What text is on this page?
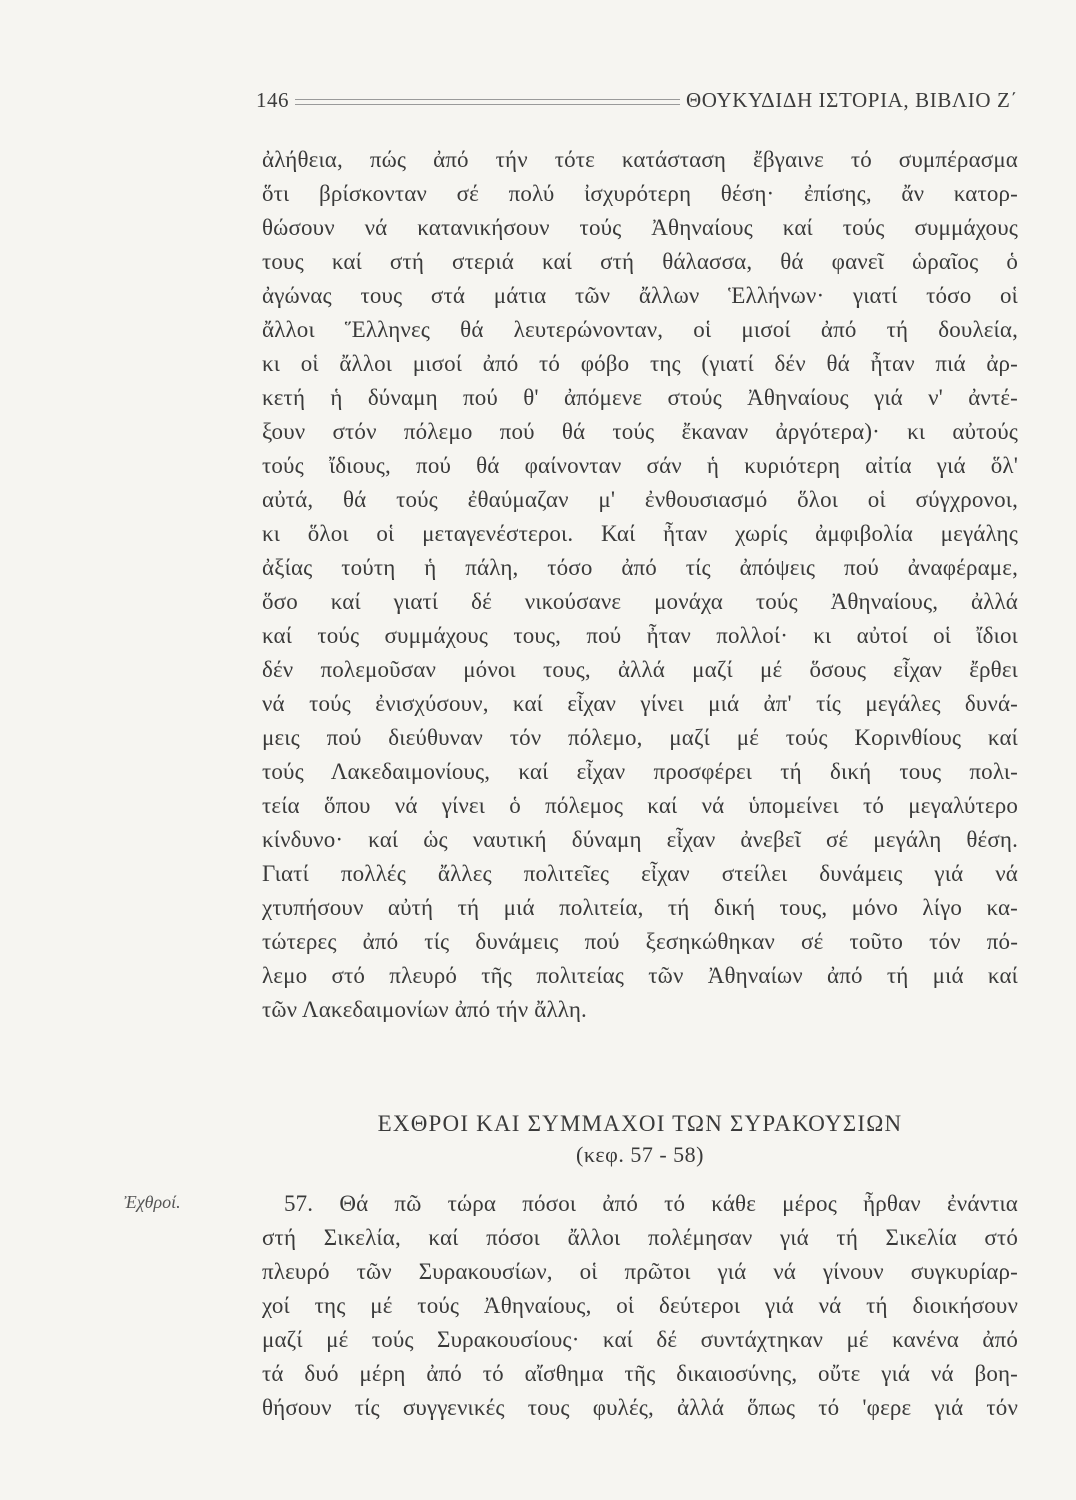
146	ΘΟΥΚΥΔΙΔΗ ΙΣΤΟΡΙΑ, ΒΙΒΛΙΟ Ζ΄
ἀλήθεια, πώς ἀπό τήν τότε κατάσταση ἔβγαινε τό συμπέρασμα
ὅτι βρίσκονταν σέ πολύ ἰσχυρότερη θέση· ἐπίσης, ἄν κατορ-
θώσουν νά κατανικήσουν τούς Ἀθηναίους καί τούς συμμάχους
τους καί στή στεριά καί στή θάλασσα, θά φανεῖ ὡραῖος ὁ
ἀγώνας τους στά μάτια τῶν ἄλλων Ἑλλήνων· γιατί τόσο οἱ
ἄλλοι Ἕλληνες θά λευτερώνονταν, οἱ μισοί ἀπό τή δουλεία,
κι οἱ ἄλλοι μισοί ἀπό τό φόβο της (γιατί δέν θά ἦταν πιά ἀρ-
κετή ἡ δύναμη πού θ' ἀπόμενε στούς Ἀθηναίους γιά ν' ἀντέ-
ξουν στόν πόλεμο πού θά τούς ἔκαναν ἀργότερα)· κι αὐτούς
τούς ἴδιους, πού θά φαίνονταν σάν ἡ κυριότερη αἰτία γιά ὅλ'
αὐτά, θά τούς ἐθαύμαζαν μ' ἐνθουσιασμό ὅλοι οἱ σύγχρονοι,
κι ὅλοι οἱ μεταγενέστεροι. Καί ἦταν χωρίς ἀμφιβολία μεγάλης
ἀξίας τούτη ἡ πάλη, τόσο ἀπό τίς ἀπόψεις πού ἀναφέραμε,
ὅσο καί γιατί δέ νικούσανε μονάχα τούς Ἀθηναίους, ἀλλά
καί τούς συμμάχους τους, πού ἦταν πολλοί· κι αὐτοί οἱ ἴδιοι
δέν πολεμοῦσαν μόνοι τους, ἀλλά μαζί μέ ὅσους εἶχαν ἔρθει
νά τούς ἐνισχύσουν, καί εἶχαν γίνει μιά ἀπ' τίς μεγάλες δυνά-
μεις πού διεύθυναν τόν πόλεμο, μαζί μέ τούς Κορινθίους καί
τούς Λακεδαιμονίους, καί εἶχαν προσφέρει τή δική τους πολι-
τεία ὅπου νά γίνει ὁ πόλεμος καί νά ὑπομείνει τό μεγαλύτερο
κίνδυνο· καί ὡς ναυτική δύναμη εἶχαν ἀνεβεῖ σέ μεγάλη θέση.
Γιατί πολλές ἄλλες πολιτεῖες εἶχαν στείλει δυνάμεις γιά νά
χτυπήσουν αὐτή τή μιά πολιτεία, τή δική τους, μόνο λίγο κα-
τώτερες ἀπό τίς δυνάμεις πού ξεσηκώθηκαν σέ τοῦτο τόν πό-
λεμο στό πλευρό τῆς πολιτείας τῶν Ἀθηναίων ἀπό τή μιά καί
τῶν Λακεδαιμονίων ἀπό τήν ἄλλη.
ΕΧΘΡΟΙ ΚΑΙ ΣΥΜΜΑΧΟΙ ΤΩΝ ΣΥΡΑΚΟΥΣΙΩΝ
(κεφ. 57 - 58)
Ἐχθροί.	57. Θά πῶ τώρα πόσοι ἀπό τό κάθε μέρος ἦρθαν ἐνάντια
στή Σικελία, καί πόσοι ἄλλοι πολέμησαν γιά τή Σικελία στό
πλευρό τῶν Συρακουσίων, οἱ πρῶτοι γιά νά γίνουν συγκυρίαρ-
χοί της μέ τούς Ἀθηναίους, οἱ δεύτεροι γιά νά τή διοικήσουν
μαζί μέ τούς Συρακουσίους· καί δέ συντάχτηκαν μέ κανένα ἀπό
τά δυό μέρη ἀπό τό αἴσθημα τῆς δικαιοσύνης, οὔτε γιά νά βοη-
θήσουν τίς συγγενικές τους φυλές, ἀλλά ὅπως τό 'φερε γιά τόν
